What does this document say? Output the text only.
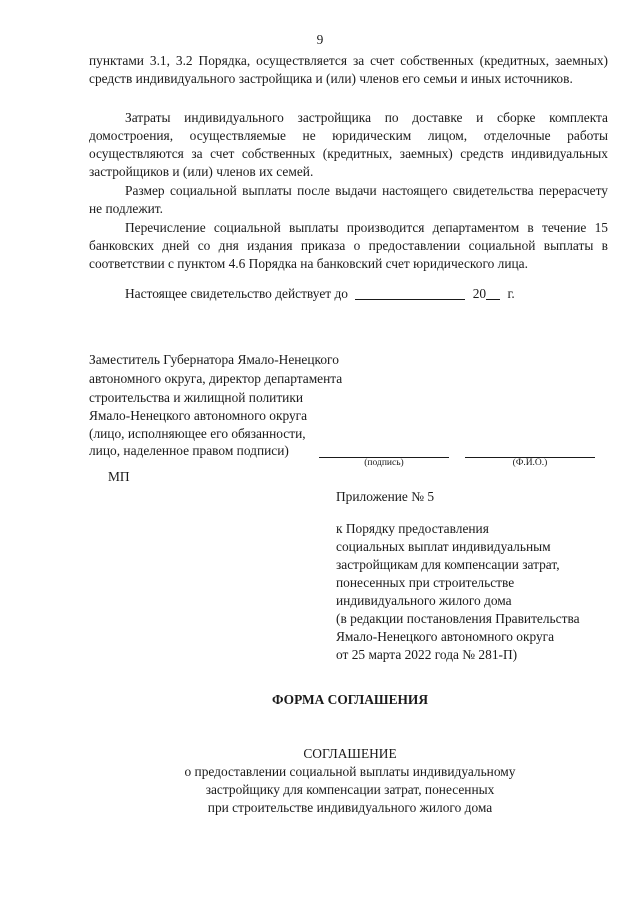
9
пунктами 3.1, 3.2 Порядка, осуществляется за счет собственных (кредитных, заемных) средств индивидуального застройщика и (или) членов его семьи и иных источников.
Затраты индивидуального застройщика по доставке и сборке комплекта домостроения, осуществляемые не юридическим лицом, отделочные работы осуществляются за счет собственных (кредитных, заемных) средств индивидуальных застройщиков и (или) членов их семей.
Размер социальной выплаты после выдачи настоящего свидетельства перерасчету не подлежит.
Перечисление социальной выплаты производится департаментом в течение 15 банковских дней со дня издания приказа о предоставлении социальной выплаты в соответствии с пунктом 4.6 Порядка на банковский счет юридического лица.
Настоящее свидетельство действует до	20 г.
Заместитель Губернатора Ямало-Ненецкого
автономного округа, директор департамента
строительства и жилищной политики
Ямало-Ненецкого автономного округа
(лицо, исполняющее его обязанности,
лицо, наделенное правом подписи)
(подпись)	(Ф.И.О.)
МП
Приложение № 5
к Порядку предоставления
социальных выплат индивидуальным
застройщикам для компенсации затрат,
понесенных при строительстве
индивидуального жилого дома
(в редакции постановления Правительства
Ямало-Ненецкого автономного округа
от 25 марта 2022 года № 281-П)
ФОРМА СОГЛАШЕНИЯ
СОГЛАШЕНИЕ
о предоставлении социальной выплаты индивидуальному
застройщику для компенсации затрат, понесенных
при строительстве индивидуального жилого дома
